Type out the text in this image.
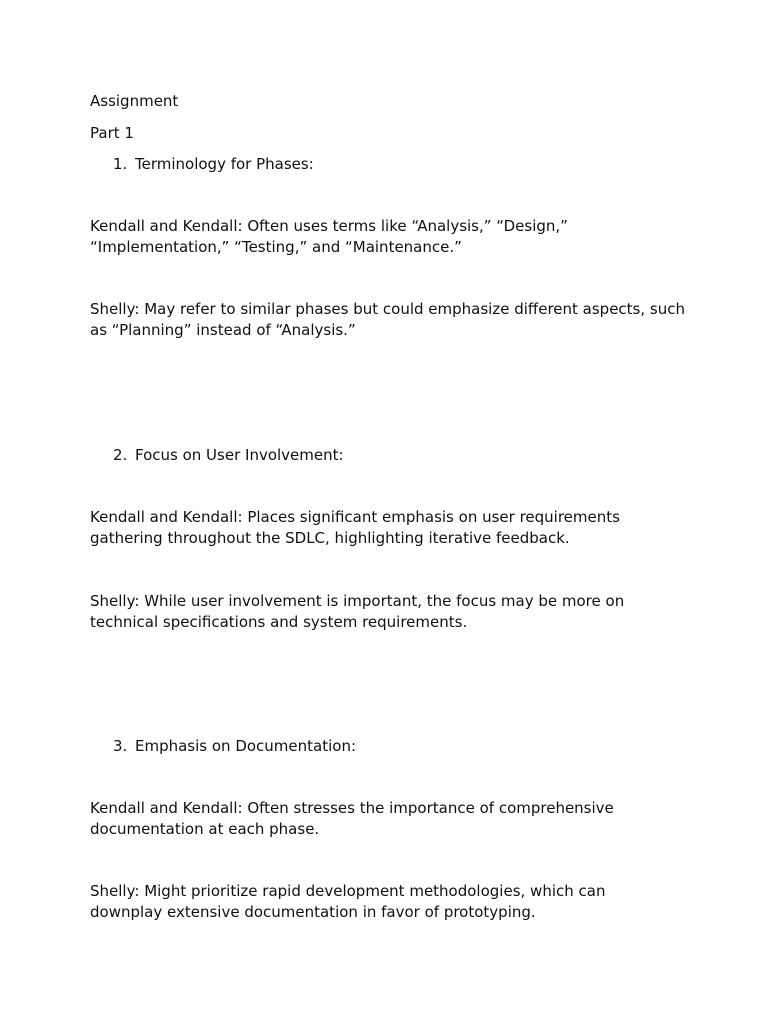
Assignment
Part 1
1. Terminology for Phases:
Kendall and Kendall: Often uses terms like “Analysis,” “Design,” “Implementation,” “Testing,” and “Maintenance.”
Shelly: May refer to similar phases but could emphasize different aspects, such as “Planning” instead of “Analysis.”
2. Focus on User Involvement:
Kendall and Kendall: Places significant emphasis on user requirements gathering throughout the SDLC, highlighting iterative feedback.
Shelly: While user involvement is important, the focus may be more on technical specifications and system requirements.
3. Emphasis on Documentation:
Kendall and Kendall: Often stresses the importance of comprehensive documentation at each phase.
Shelly: Might prioritize rapid development methodologies, which can downplay extensive documentation in favor of prototyping.
